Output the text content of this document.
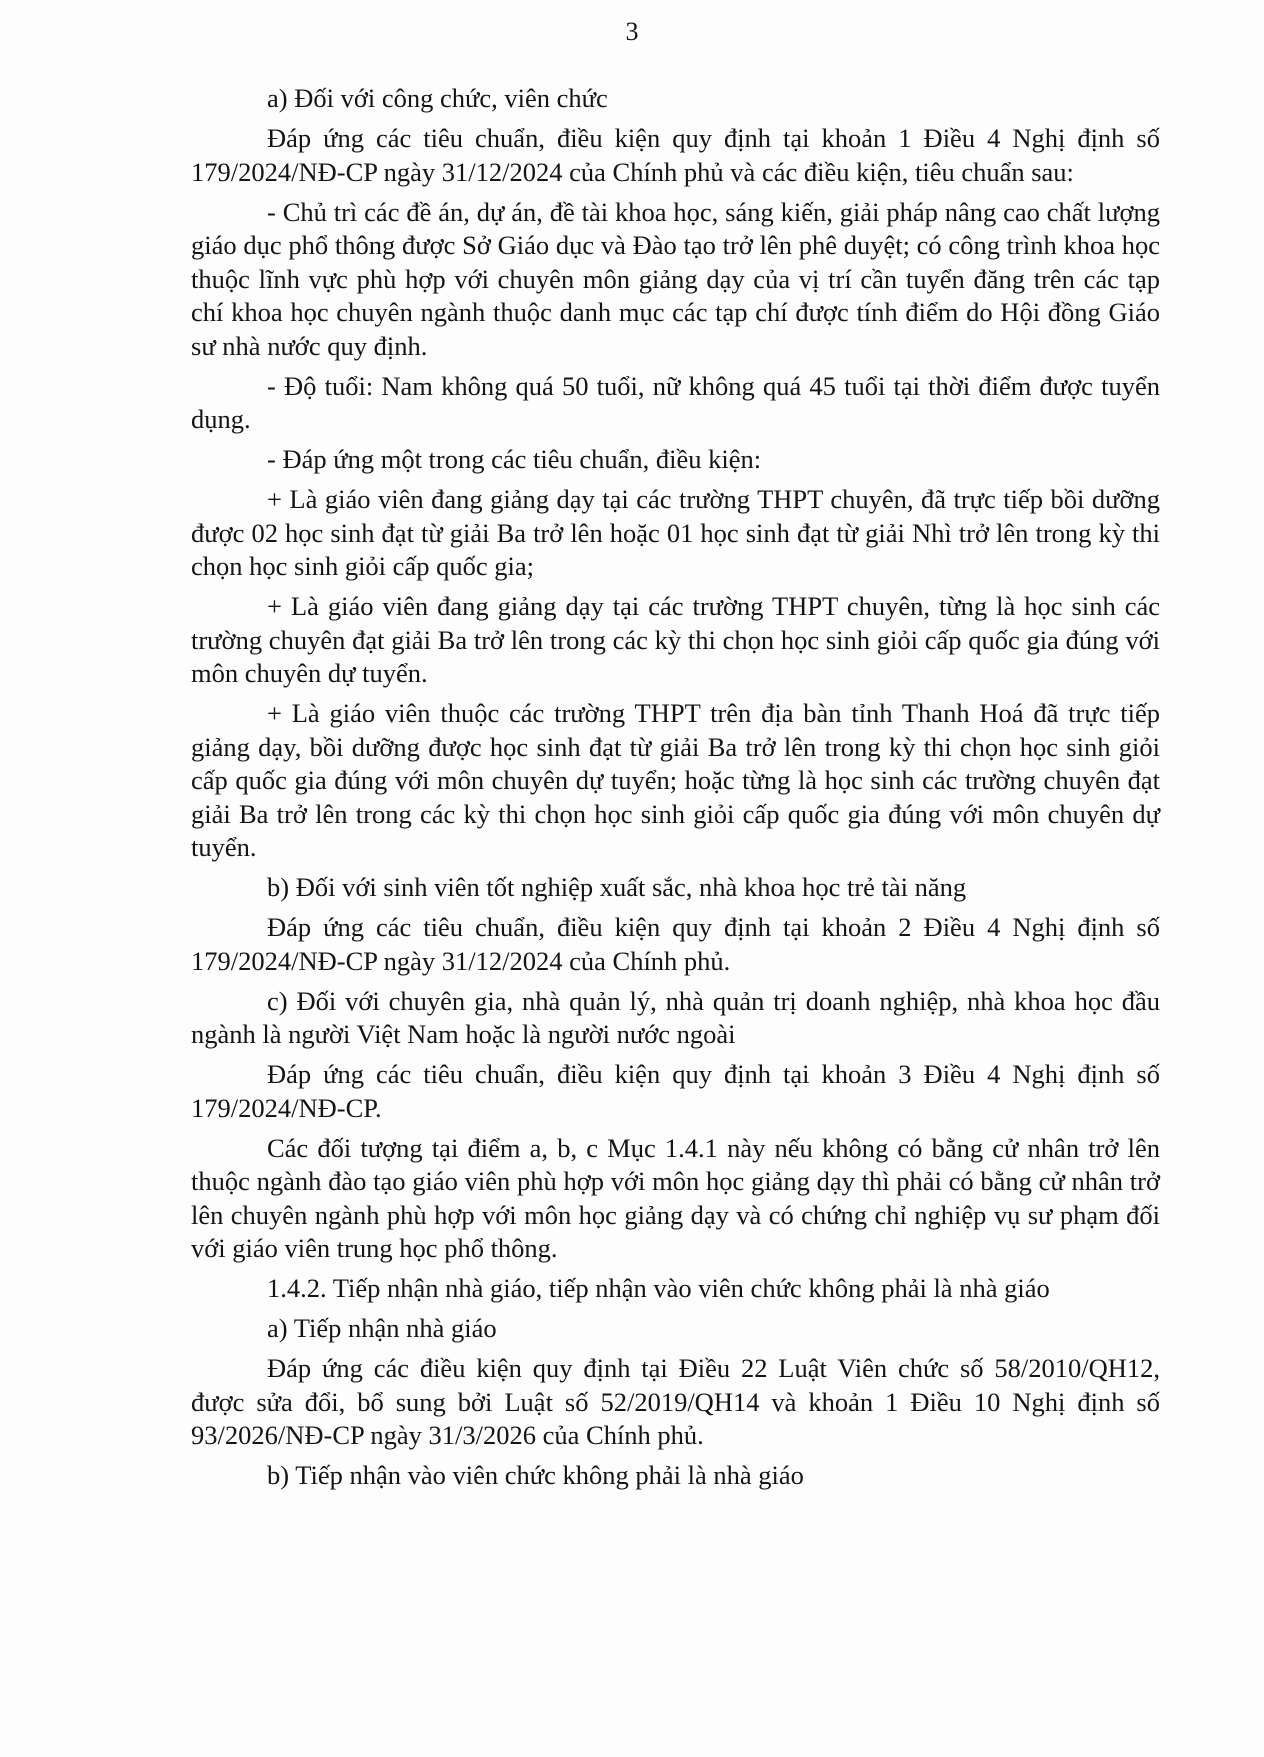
3

a) Đối với công chức, viên chức

Đáp ứng các tiêu chuẩn, điều kiện quy định tại khoản 1 Điều 4 Nghị định số 179/2024/NĐ-CP ngày 31/12/2024 của Chính phủ và các điều kiện, tiêu chuẩn sau:

- Chủ trì các đề án, dự án, đề tài khoa học, sáng kiến, giải pháp nâng cao chất lượng giáo dục phổ thông được Sở Giáo dục và Đào tạo trở lên phê duyệt; có công trình khoa học thuộc lĩnh vực phù hợp với chuyên môn giảng dạy của vị trí cần tuyển đăng trên các tạp chí khoa học chuyên ngành thuộc danh mục các tạp chí được tính điểm do Hội đồng Giáo sư nhà nước quy định.

- Độ tuổi: Nam không quá 50 tuổi, nữ không quá 45 tuổi tại thời điểm được tuyển dụng.

- Đáp ứng một trong các tiêu chuẩn, điều kiện:

+ Là giáo viên đang giảng dạy tại các trường THPT chuyên, đã trực tiếp bồi dưỡng được 02 học sinh đạt từ giải Ba trở lên hoặc 01 học sinh đạt từ giải Nhì trở lên trong kỳ thi chọn học sinh giỏi cấp quốc gia;

+ Là giáo viên đang giảng dạy tại các trường THPT chuyên, từng là học sinh các trường chuyên đạt giải Ba trở lên trong các kỳ thi chọn học sinh giỏi cấp quốc gia đúng với môn chuyên dự tuyển.

+ Là giáo viên thuộc các trường THPT trên địa bàn tỉnh Thanh Hoá đã trực tiếp giảng dạy, bồi dưỡng được học sinh đạt từ giải Ba trở lên trong kỳ thi chọn học sinh giỏi cấp quốc gia đúng với môn chuyên dự tuyển; hoặc từng là học sinh các trường chuyên đạt giải Ba trở lên trong các kỳ thi chọn học sinh giỏi cấp quốc gia đúng với môn chuyên dự tuyển.

b) Đối với sinh viên tốt nghiệp xuất sắc, nhà khoa học trẻ tài năng

Đáp ứng các tiêu chuẩn, điều kiện quy định tại khoản 2 Điều 4 Nghị định số 179/2024/NĐ-CP ngày 31/12/2024 của Chính phủ.

c) Đối với chuyên gia, nhà quản lý, nhà quản trị doanh nghiệp, nhà khoa học đầu ngành là người Việt Nam hoặc là người nước ngoài

Đáp ứng các tiêu chuẩn, điều kiện quy định tại khoản 3 Điều 4 Nghị định số 179/2024/NĐ-CP.

Các đối tượng tại điểm a, b, c Mục 1.4.1 này nếu không có bằng cử nhân trở lên thuộc ngành đào tạo giáo viên phù hợp với môn học giảng dạy thì phải có bằng cử nhân trở lên chuyên ngành phù hợp với môn học giảng dạy và có chứng chỉ nghiệp vụ sư phạm đối với giáo viên trung học phổ thông.

1.4.2. Tiếp nhận nhà giáo, tiếp nhận vào viên chức không phải là nhà giáo

a) Tiếp nhận nhà giáo

Đáp ứng các điều kiện quy định tại Điều 22 Luật Viên chức số 58/2010/QH12, được sửa đổi, bổ sung bởi Luật số 52/2019/QH14 và khoản 1 Điều 10 Nghị định số 93/2026/NĐ-CP ngày 31/3/2026 của Chính phủ.

b) Tiếp nhận vào viên chức không phải là nhà giáo
